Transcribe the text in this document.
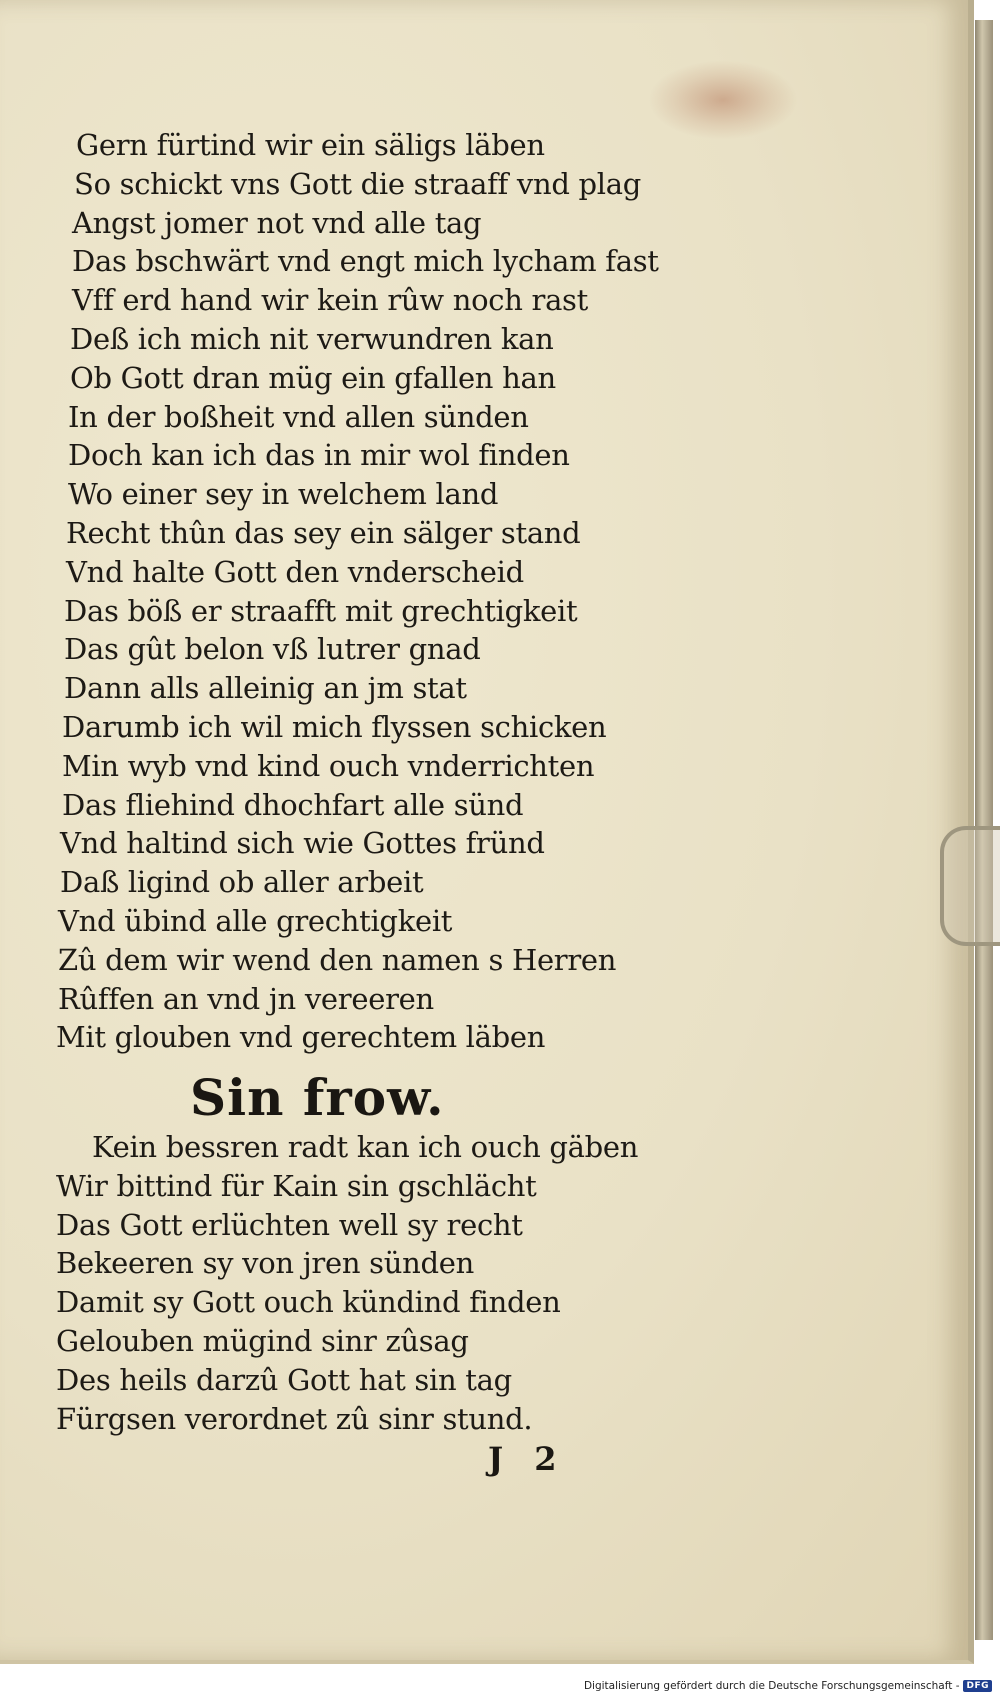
Gern fürtind wir ein säligs läben
So schickt vns Gott die straaff vnd plag
Angst jomer not vnd alle tag
Das bschwärt vnd engt mich lycham fast
Vff erd hand wir kein rûw noch rast
Deß ich mich nit verwundren kan
Ob Gott dran müg ein gfallen han
In der boßheit vnd allen sünden
Doch kan ich das in mir wol finden
Wo einer sey in welchem land
Recht thûn das sey ein sälger stand
Vnd halte Gott den vnderscheid
Das böß er straafft mit grechtigkeit
Das gût belon vß lutrer gnad
Dann alls alleinig an jm stat
Darumb ich wil mich flyssen schicken
Min wyb vnd kind ouch vnderrichten
Das fliehind dhochfart alle sünd
Vnd haltind sich wie Gottes fründ
Daß ligind ob aller arbeit
Vnd übind alle grechtigkeit
Zû dem wir wend den namen s Herren
Rûffen an vnd jn vereeren
Mit glouben vnd gerechtem läben
Sin frow.
Kein bessren radt kan ich ouch gäben
Wir bittind für Kain sin gschlächt
Das Gott erlüchten well sy recht
Bekeeren sy von jren sünden
Damit sy Gott ouch kündind finden
Gelouben mügind sinr zûsag
Des heils darzû Gott hat sin tag
Fürgsen verordnet zû sinr stund.
J 2
Digitalisierung gefördert durch die Deutsche Forschungsgemeinschaft - DFG
